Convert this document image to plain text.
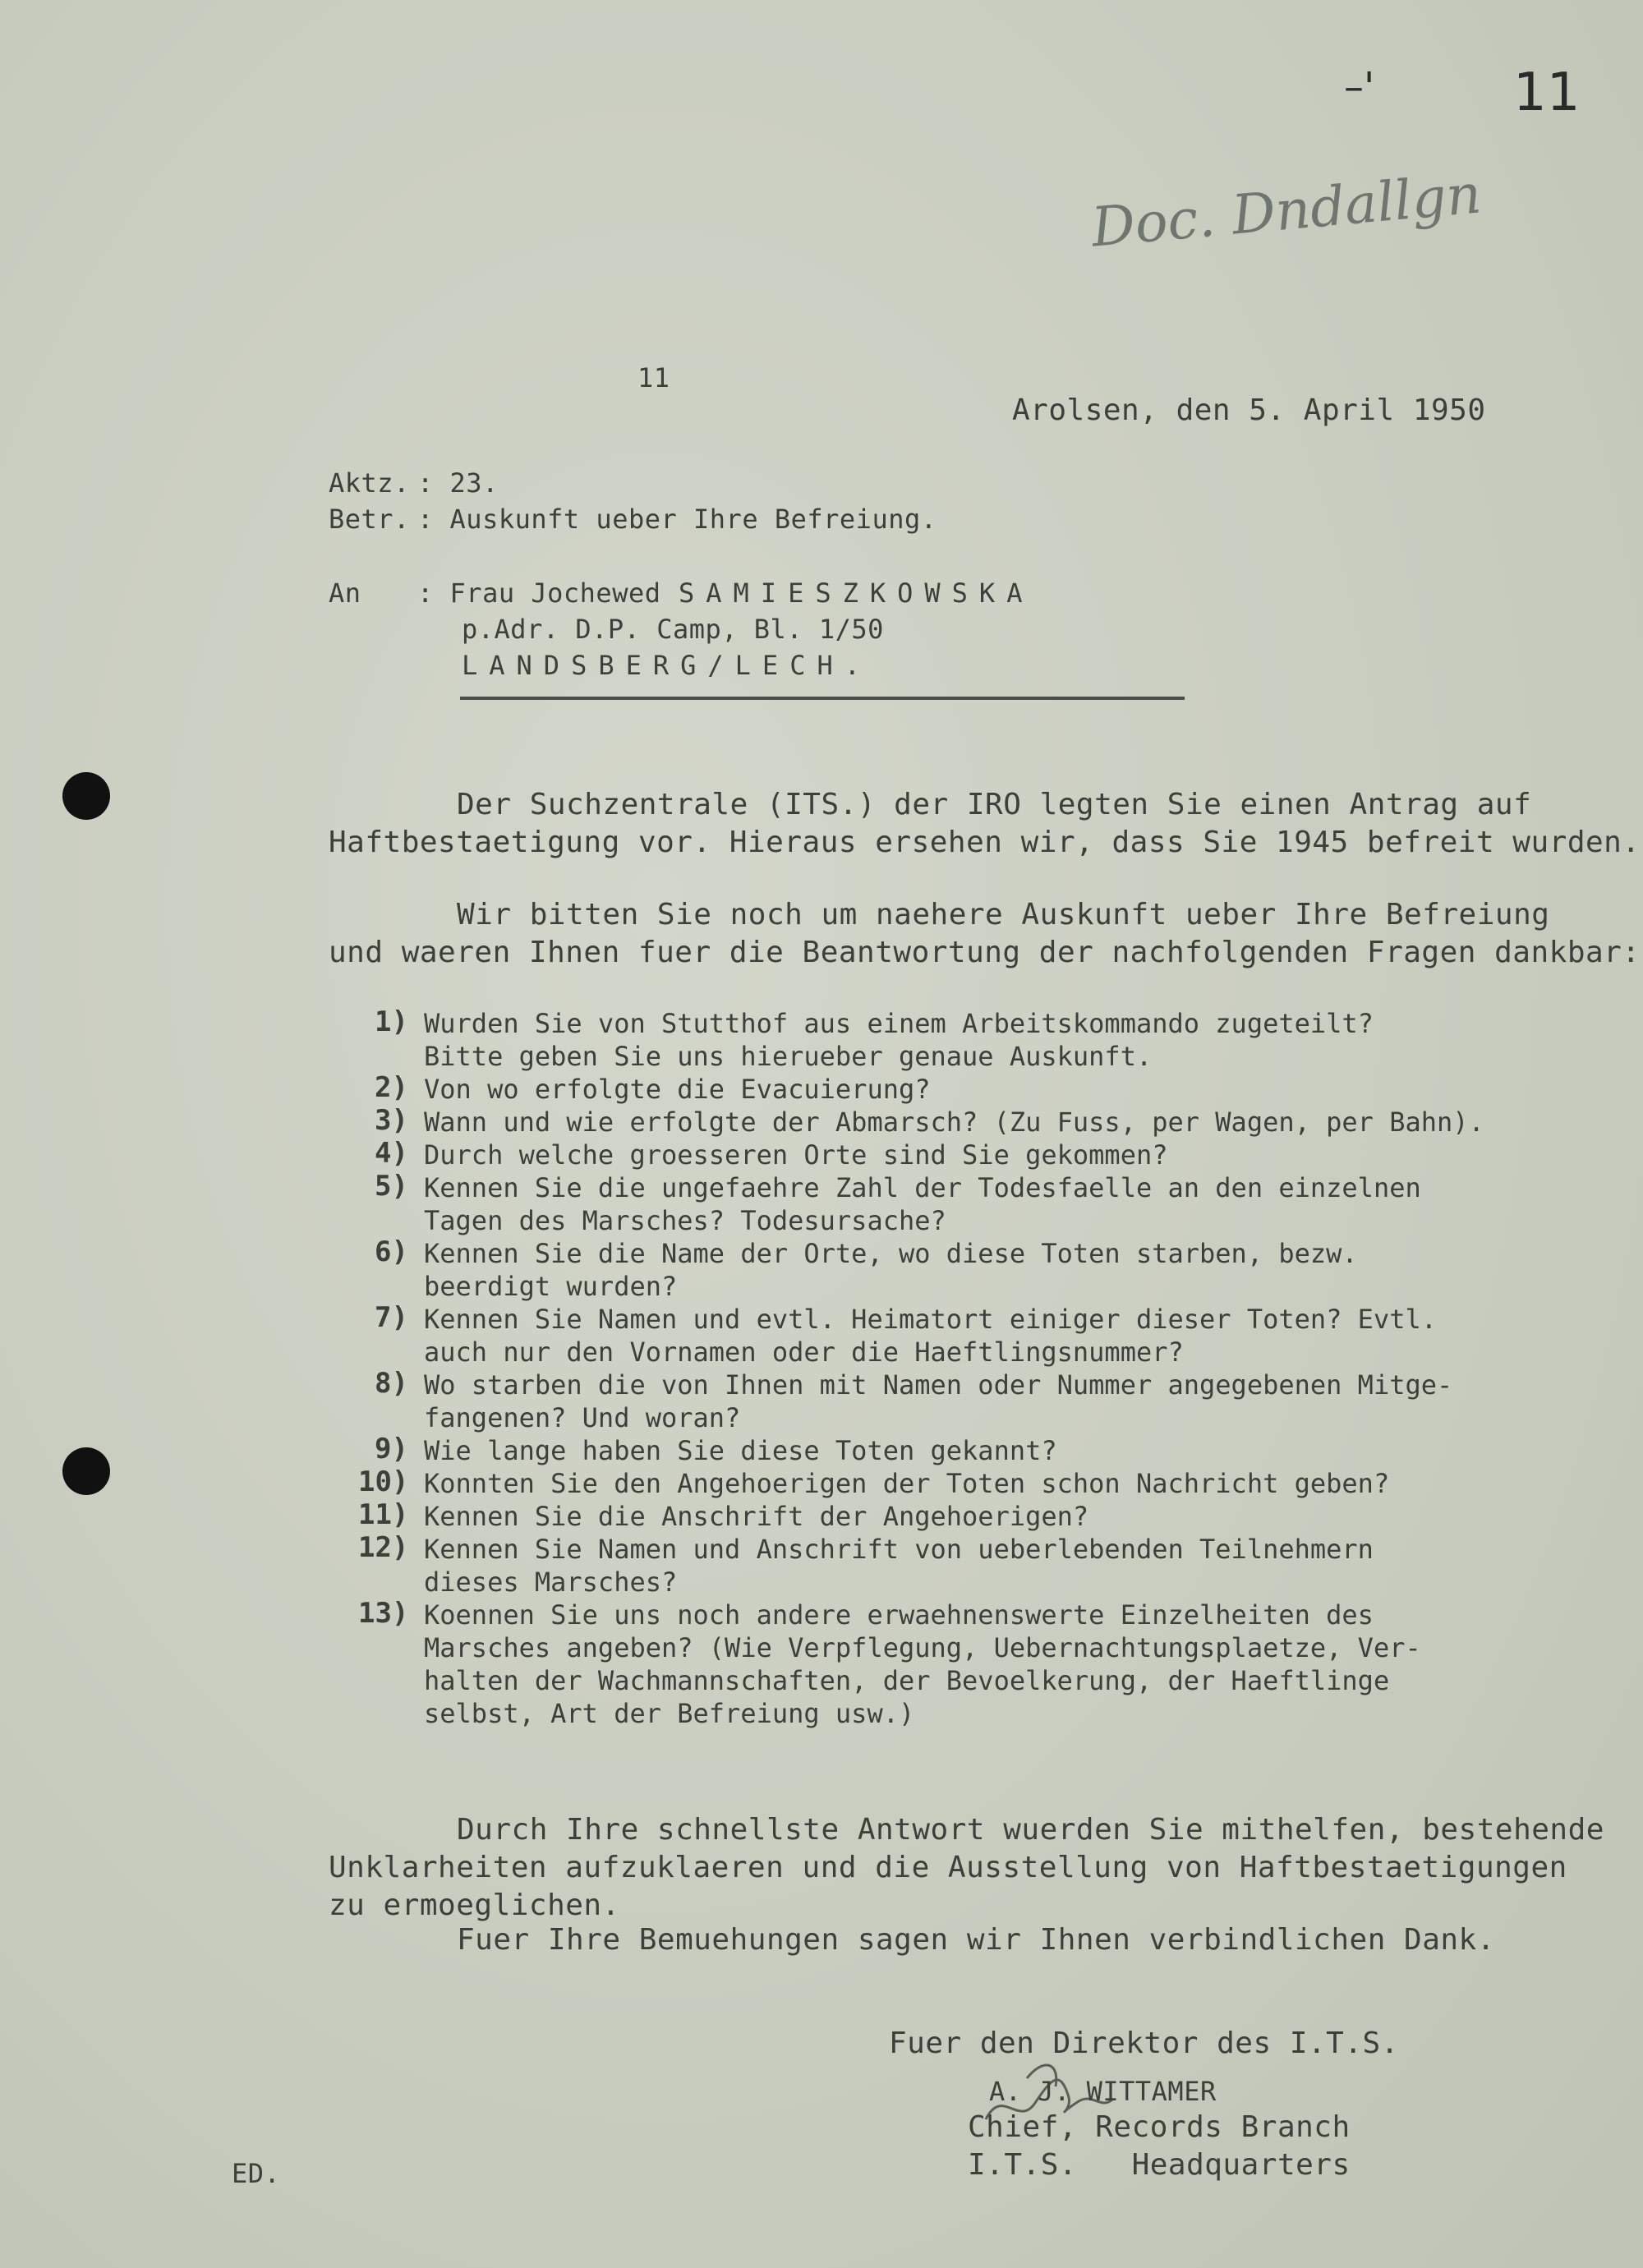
–'	11
Doc. Dndallgn
11
Arolsen, den 5. April 1950
Aktz. : 23.
Betr. : Auskunft ueber Ihre Befreiung.
An : Frau Jochewed SAMIESZKOWSKA
p.Adr. D.P. Camp, Bl. 1/50
LANDSBERG/LECH.
Der Suchzentrale (ITS.) der IRO legten Sie einen Antrag auf
Haftbestaetigung vor. Hieraus ersehen wir, dass Sie 1945 befreit wurden.
Wir bitten Sie noch um naehere Auskunft ueber Ihre Befreiung
und waeren Ihnen fuer die Beantwortung der nachfolgenden Fragen dankbar:
1) Wurden Sie von Stutthof aus einem Arbeitskommando zugeteilt?
Bitte geben Sie uns hierueber genaue Auskunft.
2) Von wo erfolgte die Evacuierung?
3) Wann und wie erfolgte der Abmarsch? (Zu Fuss, per Wagen, per Bahn).
4) Durch welche groesseren Orte sind Sie gekommen?
5) Kennen Sie die ungefaehre Zahl der Todesfaelle an den einzelnen
Tagen des Marsches? Todesursache?
6) Kennen Sie die Name der Orte, wo diese Toten starben, bezw.
beerdigt wurden?
7) Kennen Sie Namen und evtl. Heimatort einiger dieser Toten? Evtl.
auch nur den Vornamen oder die Haeftlingsnummer?
8) Wo starben die von Ihnen mit Namen oder Nummer angegebenen Mitge-
fangenen? Und woran?
9) Wie lange haben Sie diese Toten gekannt?
10) Konnten Sie den Angehoerigen der Toten schon Nachricht geben?
11) Kennen Sie die Anschrift der Angehoerigen?
12) Kennen Sie Namen und Anschrift von ueberlebenden Teilnehmern
dieses Marsches?
13) Koennen Sie uns noch andere erwaehnenswerte Einzelheiten des
Marsches angeben? (Wie Verpflegung, Uebernachtungsplaetze, Ver-
halten der Wachmannschaften, der Bevoelkerung, der Haeftlinge
selbst, Art der Befreiung usw.)
Durch Ihre schnellste Antwort wuerden Sie mithelfen, bestehende
Unklarheiten aufzuklaeren und die Ausstellung von Haftbestaetigungen
zu ermoeglichen.
Fuer Ihre Bemuehungen sagen wir Ihnen verbindlichen Dank.
Fuer den Direktor des I.T.S.
A. J. WITTAMER
Chief, Records Branch
I.T.S.   Headquarters
ED.
